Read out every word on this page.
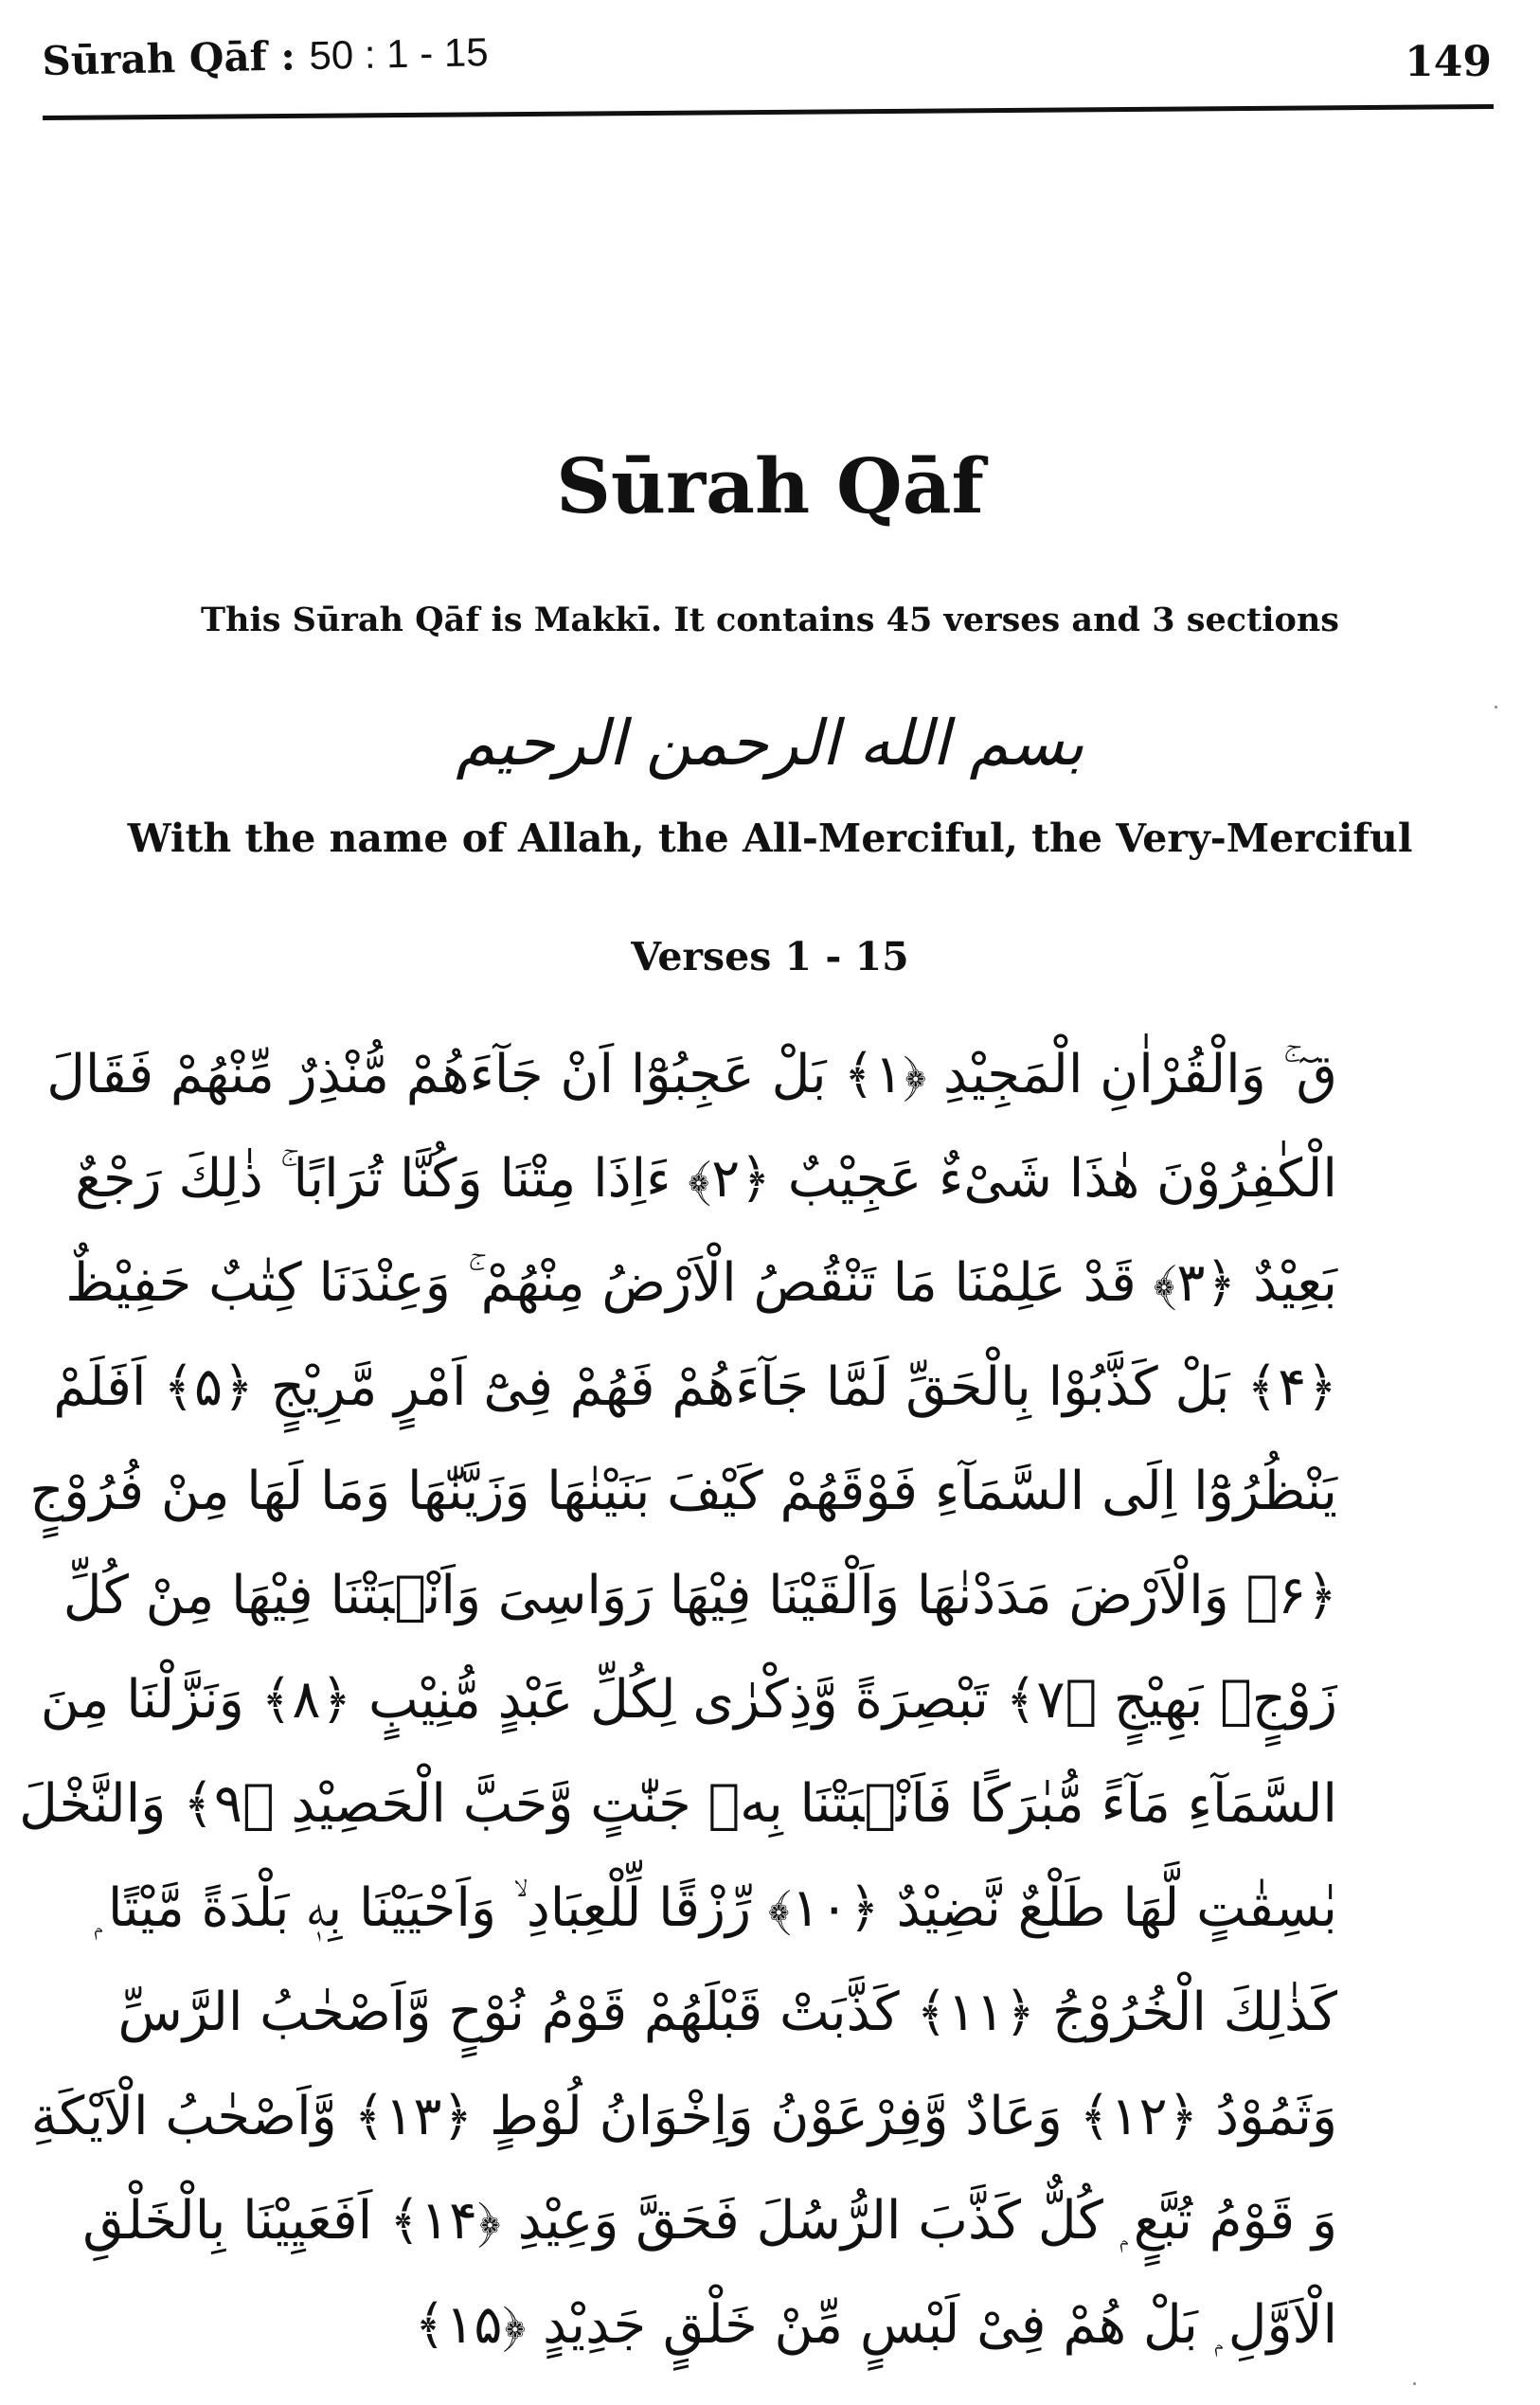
Sūrah Qāf : 50 : 1 - 15	149
Sūrah Qāf
This Sūrah Qāf is Makkī. It contains 45 verses and 3 sections
بسم الله الرحمن الرحيم
With the name of Allah, the All-Merciful, the Very-Merciful
Verses 1 - 15
قٓ ۚ وَالْقُرْاٰنِ الْمَجِيْدِ ﴿۱﴾ بَلْ عَجِبُوْٓا اَنْ جَآءَهُمْ مُّنْذِرٌ مِّنْهُمْ فَقَالَ
الْكٰفِرُوْنَ هٰذَا شَیْءٌ عَجِيْبٌ ﴿۲﴾ ءَاِذَا مِتْنَا وَكُنَّا تُرَابًا ۚ ذٰلِكَ رَجْعٌ
بَعِيْدٌ ﴿۳﴾ قَدْ عَلِمْنَا مَا تَنْقُصُ الْاَرْضُ مِنْهُمْ ۚ وَعِنْدَنَا كِتٰبٌ حَفِيْظٌ
﴿۴﴾ بَلْ كَذَّبُوْا بِالْحَقِّ لَمَّا جَآءَهُمْ فَهُمْ فِیْٓ اَمْرٍ مَّرِيْجٍ ﴿۵﴾ اَفَلَمْ
يَنْظُرُوْٓا اِلَى السَّمَآءِ فَوْقَهُمْ كَيْفَ بَنَيْنٰهَا وَزَيَّنّٰهَا وَمَا لَهَا مِنْ فُرُوْجٍ
﴿۶﴾ وَالْاَرْضَ مَدَدْنٰهَا وَاَلْقَيْنَا فِيْهَا رَوَاسِیَ وَاَنْۢبَتْنَا فِيْهَا مِنْ كُلِّ
زَوْجٍۢ بَهِيْجٍ ﴿۷﴾ تَبْصِرَةً وَّذِكْرٰی لِكُلِّ عَبْدٍ مُّنِيْبٍ ﴿۸﴾ وَنَزَّلْنَا مِنَ
السَّمَآءِ مَآءً مُّبٰرَكًا فَاَنْۢبَتْنَا بِهٖ جَنّٰتٍ وَّحَبَّ الْحَصِيْدِ ﴿۹﴾ وَالنَّخْلَ
بٰسِقٰتٍ لَّهَا طَلْعٌ نَّضِيْدٌ ﴿۱۰﴾ رِّزْقًا لِّلْعِبَادِ ۙ وَاَحْيَيْنَا بِهٖ بَلْدَةً مَّيْتًا ۭ
كَذٰلِكَ الْخُرُوْجُ ﴿۱۱﴾ كَذَّبَتْ قَبْلَهُمْ قَوْمُ نُوْحٍ وَّاَصْحٰبُ الرَّسِّ
وَثَمُوْدُ ﴿۱۲﴾ وَعَادٌ وَّفِرْعَوْنُ وَاِخْوَانُ لُوْطٍ ﴿۱۳﴾ وَّاَصْحٰبُ الْاَيْكَةِ
وَ قَوْمُ تُبَّعٍ ۭ كُلٌّ كَذَّبَ الرُّسُلَ فَحَقَّ وَعِيْدِ ﴿۱۴﴾ اَفَعَيِيْنَا بِالْخَلْقِ
الْاَوَّلِ ۭ بَلْ هُمْ فِیْ لَبْسٍ مِّنْ خَلْقٍ جَدِيْدٍ ﴿۱۵﴾
